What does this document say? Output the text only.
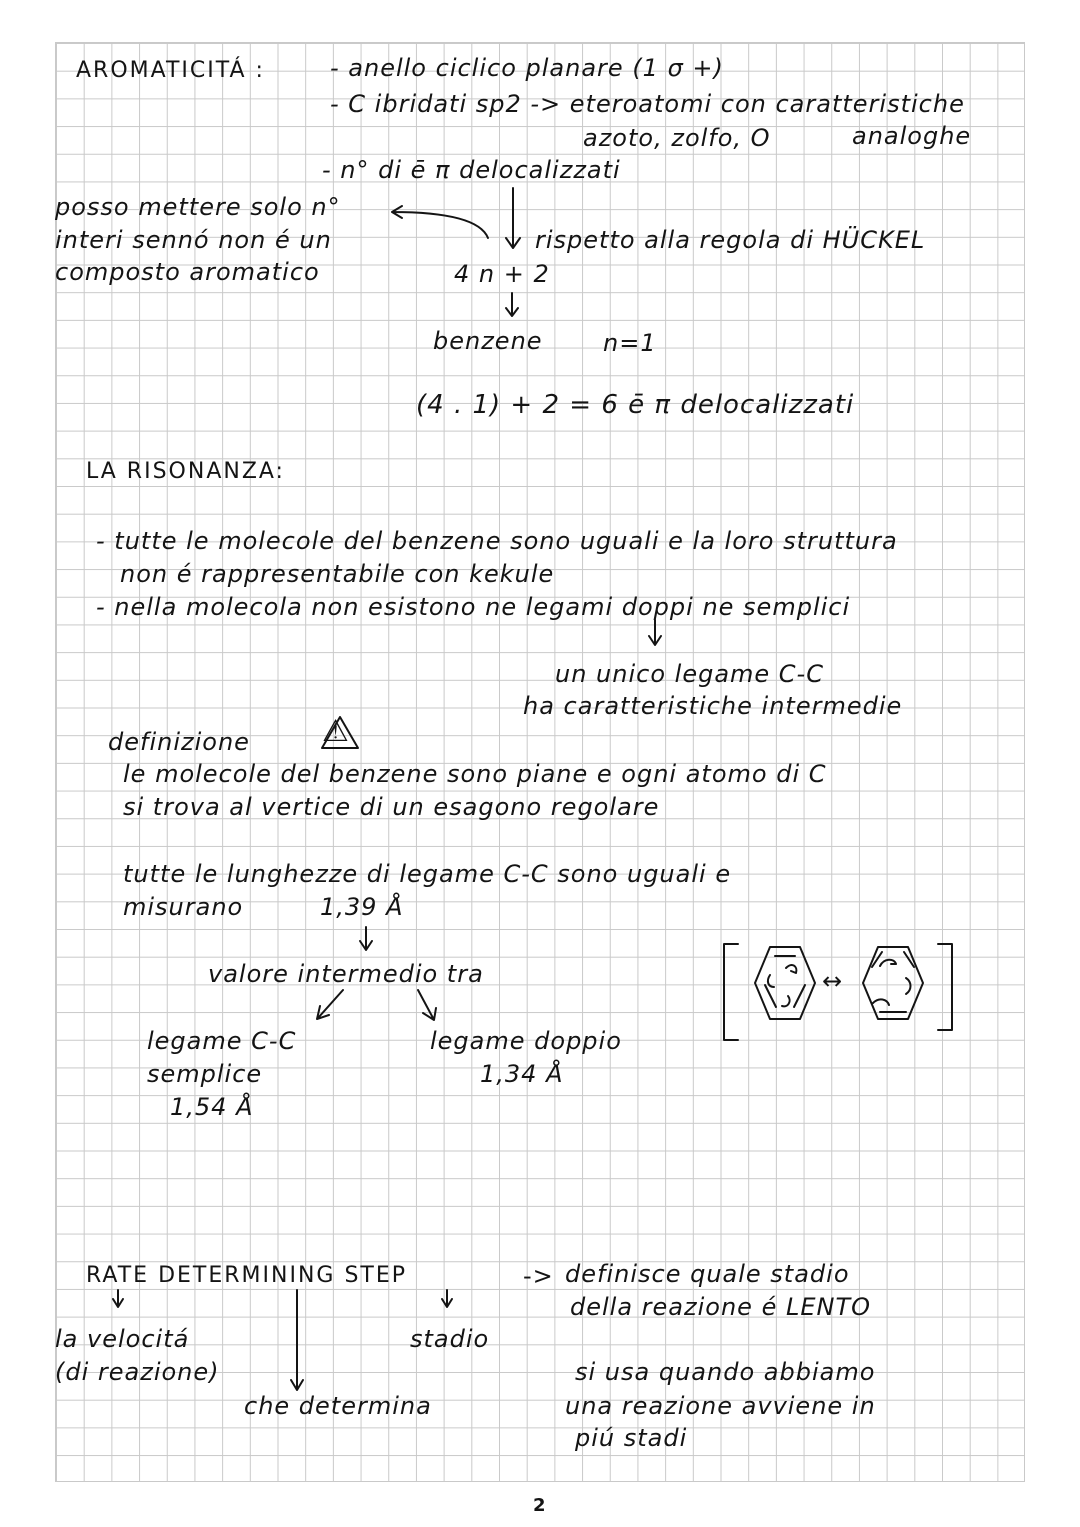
AROMATICITÁ :	- anello ciclico planare (1 σ +)
- C ibridati sp2 -> eteroatomi con caratteristiche
azoto, zolfo, O	analoghe
- n° di ē π delocalizzati
posso mettere solo n°
interi sennó non é un
composto aromatico
rispetto alla regola di HÜCKEL
4 n + 2
benzene	n=1
(4 . 1) + 2 = 6 ē π delocalizzati
LA RISONANZA:
- tutte le molecole del benzene sono uguali e la loro struttura
non é rappresentabile con kekule
- nella molecola non esistono ne legami doppi ne semplici
un unico legame C-C
ha caratteristiche intermedie
definizione ⚠
le molecole del benzene sono piane e ogni atomo di C
si trova al vertice di un esagono regolare
tutte le lunghezze di legame C-C sono uguali e
misurano	1,39 Å
valore intermedio tra
legame C-C
semplice
1,54 Å
legame doppio
1,34 Å
↔
RATE DETERMINING STEP	-> definisce quale stadio
della reazione é LENTO
la velocitá
(di reazione)
stadio
che determina
si usa quando abbiamo
una reazione avviene in
piú stadi
2
